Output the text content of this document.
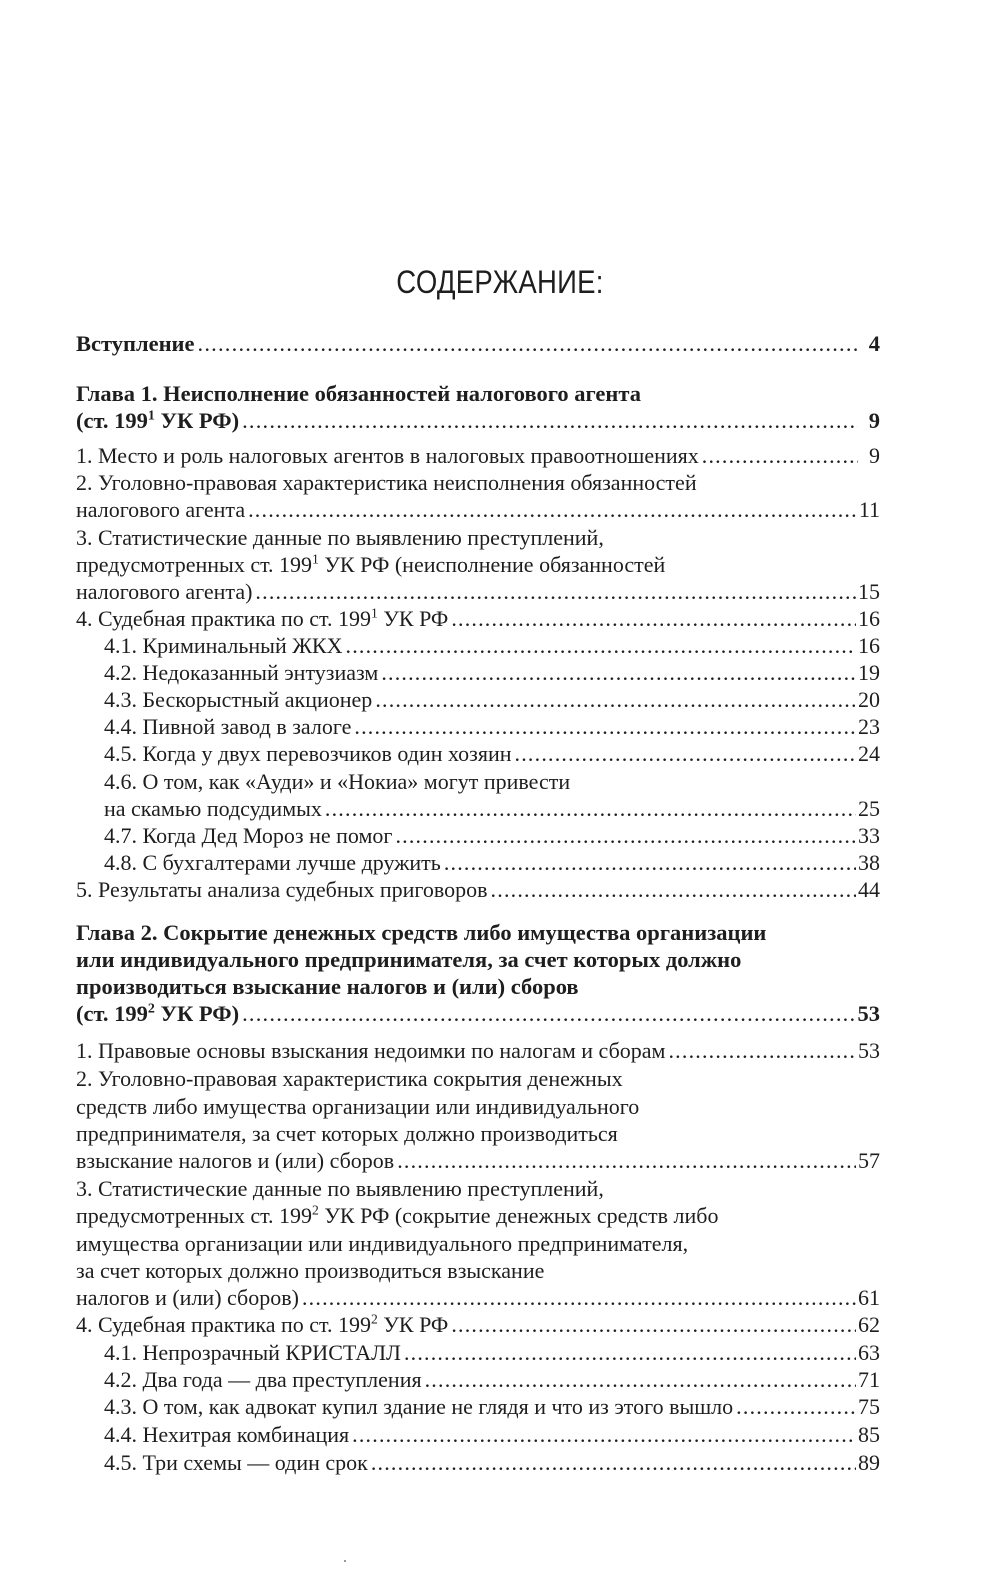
СОДЕРЖАНИЕ:
Вступление .....	4
Глава 1. Неисполнение обязанностей налогового агента
(ст. $199^1$ УК РФ) .....	9
1. Место и роль налоговых агентов в налоговых правоотношениях .....	9
2. Уголовно-правовая характеристика неисполнения обязанностей
налогового агента .....	11
3. Статистические данные по выявлению преступлений,
предусмотренных ст. $199^1$ УК РФ (неисполнение обязанностей
налогового агента) .....	15
4. Судебная практика по ст. $199^1$ УК РФ .....	16
4.1. Криминальный ЖКХ .....	16
4.2. Недоказанный энтузиазм .....	19
4.3. Бескорыстный акционер .....	20
4.4. Пивной завод в залоге .....	23
4.5. Когда у двух перевозчиков один хозяин .....	24
4.6. О том, как «Ауди» и «Нокиа» могут привести
на скамью подсудимых .....	25
4.7. Когда Дед Мороз не помог .....	33
4.8. С бухгалтерами лучше дружить .....	38
5. Результаты анализа судебных приговоров .....	44
Глава 2. Сокрытие денежных средств либо имущества организации
или индивидуального предпринимателя, за счет которых должно
производиться взыскание налогов и (или) сборов
(ст. $199^2$ УК РФ) .....	53
1. Правовые основы взыскания недоимки по налогам и сборам .....	53
2. Уголовно-правовая характеристика сокрытия денежных
средств либо имущества организации или индивидуального
предпринимателя, за счет которых должно производиться
взыскание налогов и (или) сборов .....	57
3. Статистические данные по выявлению преступлений,
предусмотренных ст. $199^2$ УК РФ (сокрытие денежных средств либо
имущества организации или индивидуального предпринимателя,
за счет которых должно производиться взыскание
налогов и (или) сборов) .....	61
4. Судебная практика по ст. $199^2$ УК РФ .....	62
4.1. Непрозрачный КРИСТАЛЛ .....	63
4.2. Два года — два преступления .....	71
4.3. О том, как адвокат купил здание не глядя и что из этого вышло .....	75
4.4. Нехитрая комбинация .....	85
4.5. Три схемы — один срок .....	89
